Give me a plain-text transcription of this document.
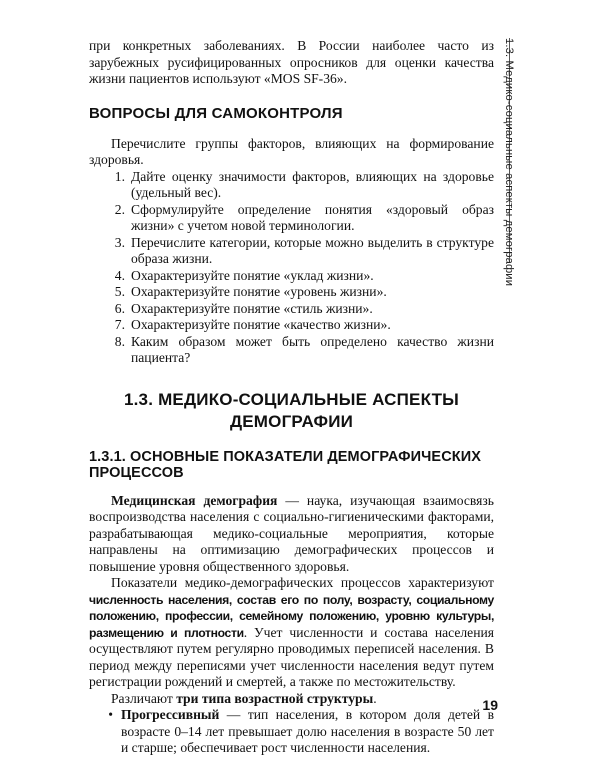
при конкретных заболеваниях. В России наиболее часто из зарубежных русифицированных опросников для оценки качества жизни пациентов используют «MOS SF-36».

ВОПРОСЫ ДЛЯ САМОКОНТРОЛЯ

Перечислите группы факторов, влияющих на формирование здоровья.

1. Дайте оценку значимости факторов, влияющих на здоровье (удельный вес).
2. Сформулируйте определение понятия «здоровый образ жизни» с учетом новой терминологии.
3. Перечислите категории, которые можно выделить в структуре образа жизни.
4. Охарактеризуйте понятие «уклад жизни».
5. Охарактеризуйте понятие «уровень жизни».
6. Охарактеризуйте понятие «стиль жизни».
7. Охарактеризуйте понятие «качество жизни».
8. Каким образом может быть определено качество жизни пациента?
1.3. МЕДИКО-СОЦИАЛЬНЫЕ АСПЕКТЫ
ДЕМОГРАФИИ
1.3.1. ОСНОВНЫЕ ПОКАЗАТЕЛИ ДЕМОГРАФИЧЕСКИХ ПРОЦЕССОВ

Медицинская демография — наука, изучающая взаимосвязь воспроизводства населения с социально-гигиеническими факторами, разрабатывающая медико-социальные мероприятия, которые направлены на оптимизацию демографических процессов и повышение уровня общественного здоровья.

Показатели медико-демографических процессов характеризуют численность населения, состав его по полу, возрасту, социальному положению, профессии, семейному положению, уровню культуры, размещению и плотности. Учет численности и состава населения осуществляют путем регулярно проводимых переписей населения. В период между переписями учет численности населения ведут путем регистрации рождений и смертей, а также по местожительству.

Различают три типа возрастной структуры.

• Прогрессивный — тип населения, в котором доля детей в возрасте 0–14 лет превышает долю населения в возрасте 50 лет и старше; обеспечивает рост численности населения.
1.3. Медико-социальные аспекты демографии
19
